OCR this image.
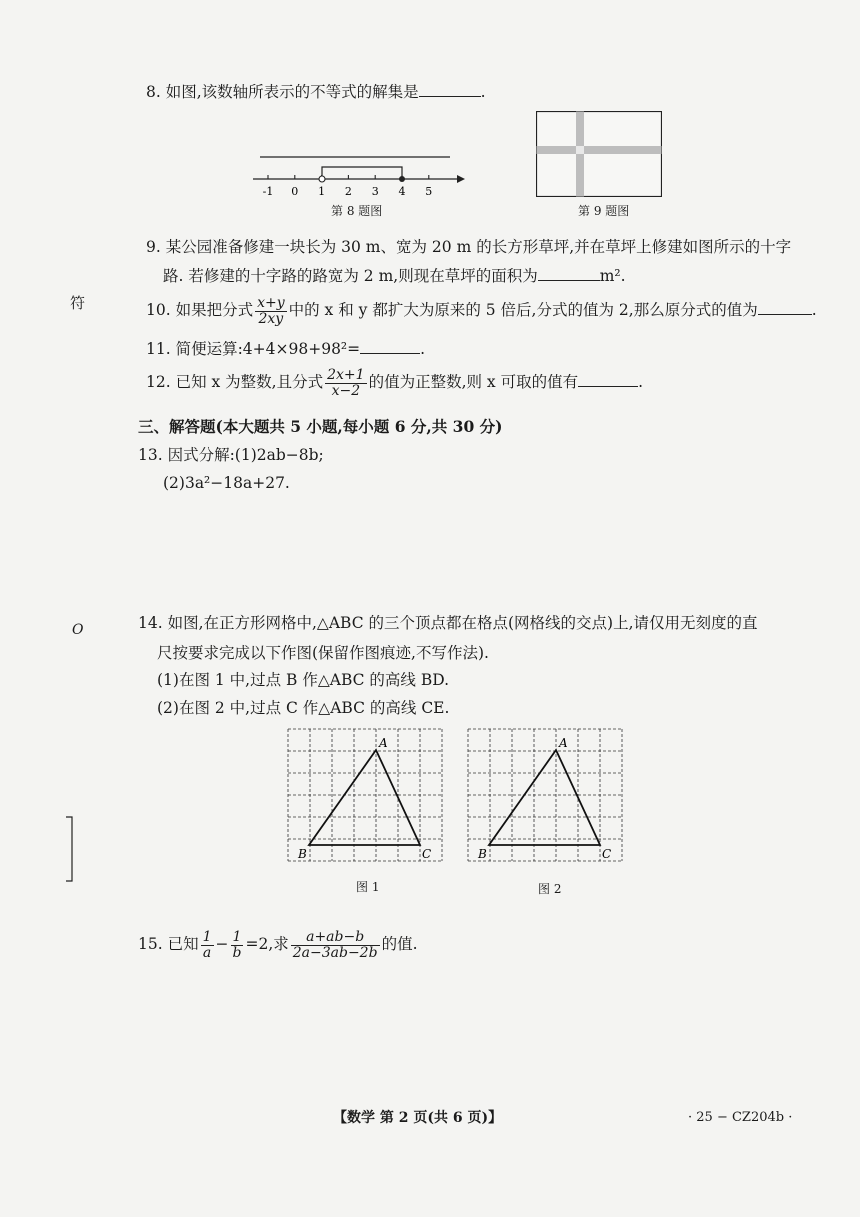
8. 如图,该数轴所表示的不等式的解集是	.
-1 0 1 2 3 4 5
第 8 题图	第 9 题图
9. 某公园准备修建一块长为 30 m、宽为 20 m 的长方形草坪,并在草坪上修建如图所示的十字
路. 若修建的十字路的路宽为 2 m,则现在草坪的面积为	m².
符
O
10. 如果把分式 $\frac{x+y}{2xy}$ 中的 x 和 y 都扩大为原来的 5 倍后,分式的值为 2,那么原分式的值为	.
11. 简便运算:4+4×98+98²=	.
12. 已知 x 为整数,且分式 $\frac{2x+1}{x-2}$ 的值为正整数,则 x 可取的值有	.
三、解答题(本大题共 5 小题,每小题 6 分,共 30 分)
13. 因式分解:(1)2ab−8b;
(2)3a²−18a+27.
14. 如图,在正方形网格中,△ABC 的三个顶点都在格点(网格线的交点)上,请仅用无刻度的直
尺按要求完成以下作图(保留作图痕迹,不写作法).
(1)在图 1 中,过点 B 作△ABC 的高线 BD.
(2)在图 2 中,过点 C 作△ABC 的高线 CE.
A
B	C
图 1
A
B	C
图 2
15. 已知 $\frac{1}{a} - \frac{1}{b} =2$,求 $\frac{a+ab-b}{2a-3ab-2b}$ 的值.
【数学 第 2 页(共 6 页)】	· 25 − CZ204b ·
